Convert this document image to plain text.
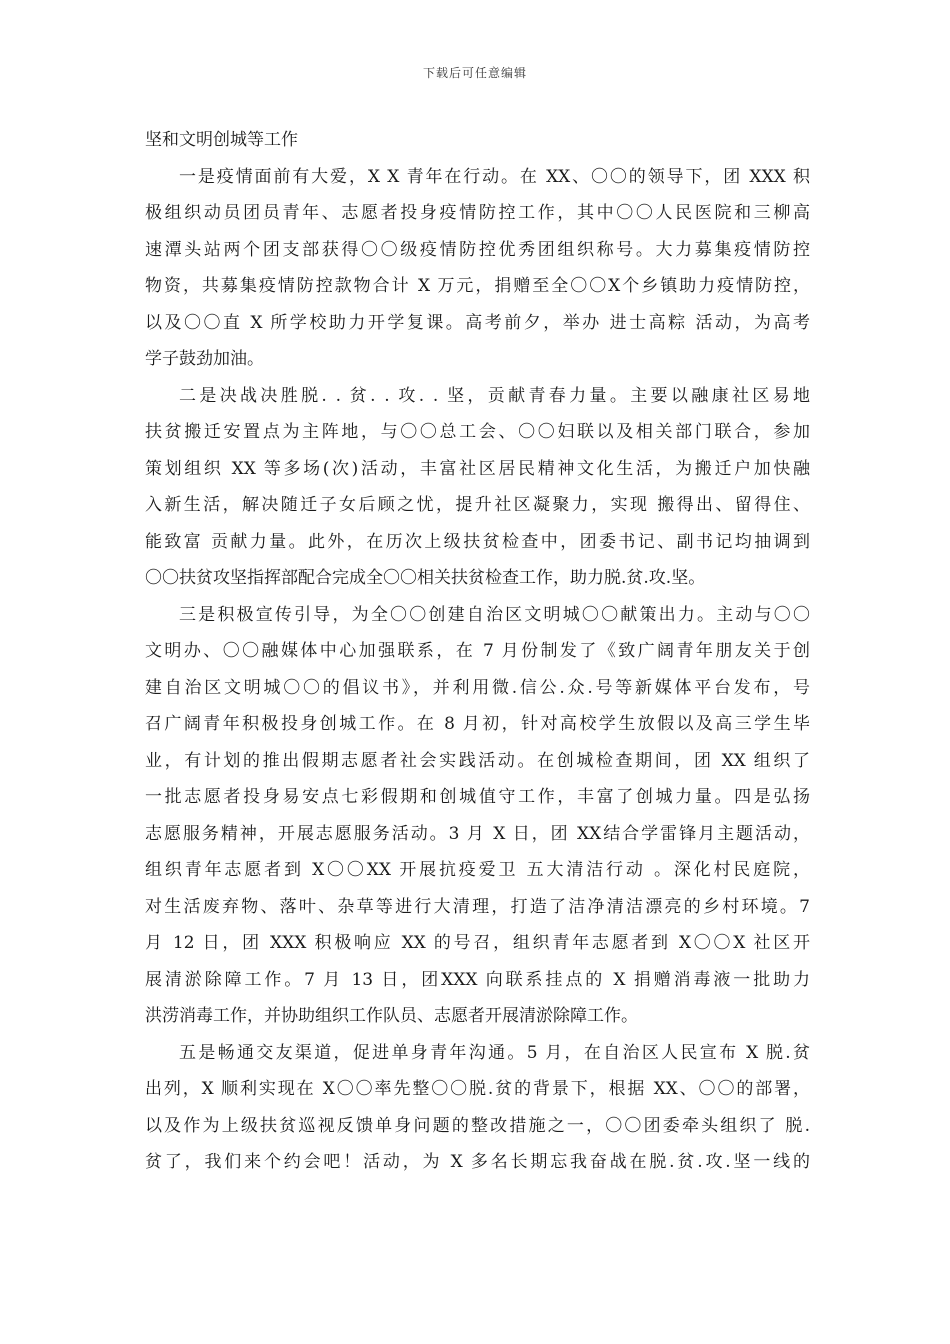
下载后可任意编辑
坚和文明创城等工作
一是疫情面前有大爱，X X 青年在行动。在 XX、〇〇的领导下，团 XXX 积
极组织动员团员青年、志愿者投身疫情防控工作，其中〇〇人民医院和三柳高
速潭头站两个团支部获得〇〇级疫情防控优秀团组织称号。大力募集疫情防控
物资，共募集疫情防控款物合计 X 万元，捐赠至全〇〇X个乡镇助力疫情防控，
以及〇〇直 X 所学校助力开学复课。高考前夕，举办 进士高粽 活动，为高考
学子鼓劲加油。
二是决战决胜脱. . 贫. . 攻. . 坚，贡献青春力量。主要以融康社区易地
扶贫搬迁安置点为主阵地，与〇〇总工会、〇〇妇联以及相关部门联合，参加
策划组织 XX 等多场(次)活动，丰富社区居民精神文化生活，为搬迁户加快融
入新生活，解决随迁子女后顾之忧，提升社区凝聚力，实现 搬得出、留得住、
能致富 贡献力量。此外，在历次上级扶贫检查中，团委书记、副书记均抽调到
〇〇扶贫攻坚指挥部配合完成全〇〇相关扶贫检查工作，助力脱.贫.攻.坚。
三是积极宣传引导，为全〇〇创建自治区文明城〇〇献策出力。主动与〇〇
文明办、〇〇融媒体中心加强联系，在 7 月份制发了《致广阔青年朋友关于创
建自治区文明城〇〇的倡议书》，并利用微.信公.众.号等新媒体平台发布，号
召广阔青年积极投身创城工作。在 8 月初，针对高校学生放假以及高三学生毕
业，有计划的推出假期志愿者社会实践活动。在创城检查期间，团 XX 组织了
一批志愿者投身易安点七彩假期和创城值守工作，丰富了创城力量。四是弘扬
志愿服务精神，开展志愿服务活动。3 月 X 日，团 XX结合学雷锋月主题活动，
组织青年志愿者到 X〇〇XX 开展抗疫爱卫 五大清洁行动 。深化村民庭院，
对生活废弃物、落叶、杂草等进行大清理，打造了洁净清洁漂亮的乡村环境。7
月 12 日，团 XXX 积极响应 XX 的号召，组织青年志愿者到 X〇〇X 社区开
展清淤除障工作。7 月 13 日，团XXX 向联系挂点的 X 捐赠消毒液一批助力
洪涝消毒工作，并协助组织工作队员、志愿者开展清淤除障工作。
五是畅通交友渠道，促进单身青年沟通。5 月，在自治区人民宣布 X 脱.贫
出列，X 顺利实现在 X〇〇率先整〇〇脱.贫的背景下，根据 XX、〇〇的部署，
以及作为上级扶贫巡视反馈单身问题的整改措施之一，〇〇团委牵头组织了 脱.
贫了，我们来个约会吧！活动，为 X 多名长期忘我奋战在脱.贫.攻.坚一线的
